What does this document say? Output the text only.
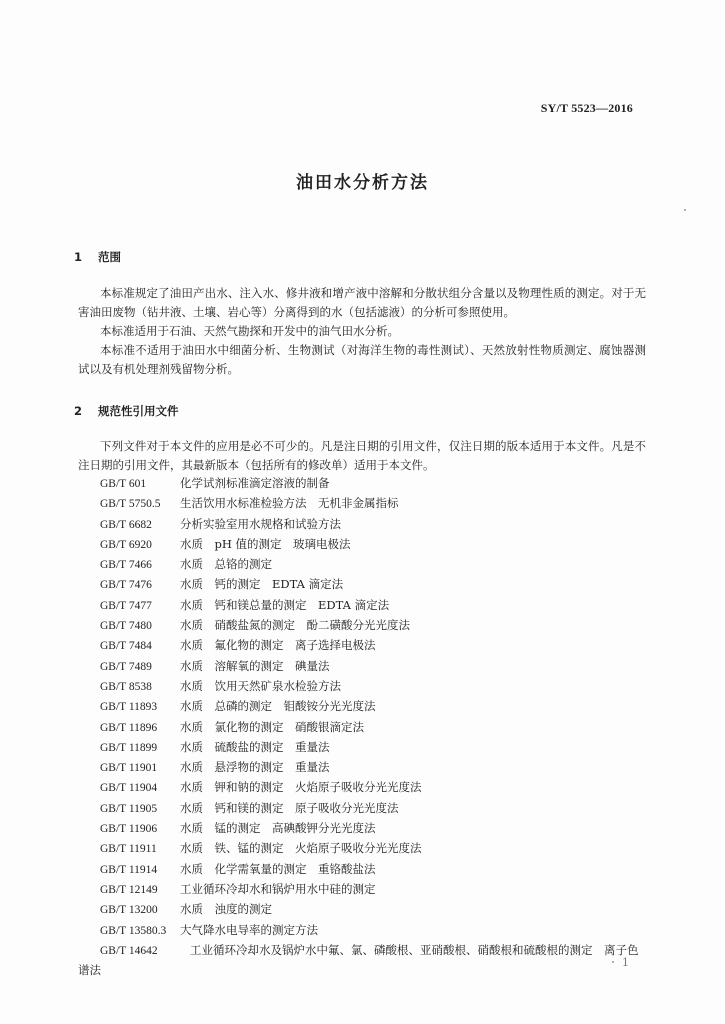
SY/T 5523—2016
油田水分析方法
1 范围
本标准规定了油田产出水、注入水、修井液和增产液中溶解和分散状组分含量以及物理性质的测定。对于无害油田废物（钻井液、土壤、岩心等）分离得到的水（包括滤液）的分析可参照使用。
本标准适用于石油、天然气勘探和开发中的油气田水分析。
本标准不适用于油田水中细菌分析、生物测试（对海洋生物的毒性测试）、天然放射性物质测定、腐蚀器测试以及有机处理剂残留物分析。
2 规范性引用文件
下列文件对于本文件的应用是必不可少的。凡是注日期的引用文件，仅注日期的版本适用于本文件。凡是不注日期的引用文件，其最新版本（包括所有的修改单）适用于本文件。
GB/T 601	化学试剂标准滴定溶液的制备
GB/T 5750.5 生活饮用水标准检验方法　无机非金属指标
GB/T 6682 分析实验室用水规格和试验方法
GB/T 6920 水质　pH 值的测定　玻璃电极法
GB/T 7466 水质　总铬的测定
GB/T 7476 水质　钙的测定　EDTA 滴定法
GB/T 7477 水质　钙和镁总量的测定　EDTA 滴定法
GB/T 7480 水质　硝酸盐氮的测定　酚二磺酸分光光度法
GB/T 7484 水质　氟化物的测定　离子选择电极法
GB/T 7489 水质　溶解氧的测定　碘量法
GB/T 8538 水质　饮用天然矿泉水检验方法
GB/T 11893 水质　总磷的测定　钼酸铵分光光度法
GB/T 11896 水质　氯化物的测定　硝酸银滴定法
GB/T 11899 水质　硫酸盐的测定　重量法
GB/T 11901 水质　悬浮物的测定　重量法
GB/T 11904 水质　钾和钠的测定　火焰原子吸收分光光度法
GB/T 11905 水质　钙和镁的测定　原子吸收分光光度法
GB/T 11906 水质　锰的测定　高碘酸钾分光光度法
GB/T 11911 水质　铁、锰的测定　火焰原子吸收分光光度法
GB/T 11914 水质　化学需氧量的测定　重铬酸盐法
GB/T 12149 工业循环冷却水和锅炉用水中硅的测定
GB/T 13200 水质　浊度的测定
GB/T 13580.3 大气降水电导率的测定方法
GB/T 14642	工业循环冷却水及锅炉水中氟、氯、磷酸根、亚硝酸根、硝酸根和硫酸根的测定　离子色谱法
1
